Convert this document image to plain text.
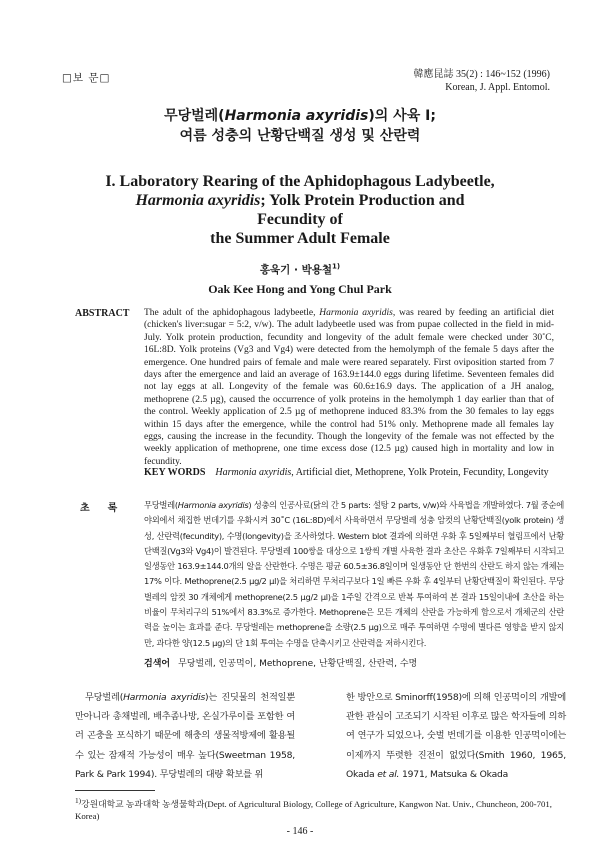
□보 문□	韓應昆誌 35(2) : 146~152 (1996)
Korean, J. Appl. Entomol.
무당벌레(Harmonia axyridis)의 사육 I;
여름 성충의 난황단백질 생성 및 산란력
I. Laboratory Rearing of the Aphidophagous Ladybeetle,
Harmonia axyridis; Yolk Protein Production and Fecundity of
the Summer Adult Female
홍욱기 · 박용철$^{1)}$
Oak Kee Hong and Yong Chul Park
ABSTRACT The adult of the aphidophagous ladybeetle, Harmonia axyridis, was reared by feeding an artificial diet (chicken's liver:sugar = 5:2, v/w). The adult ladybeetle used was from pupae collected in the field in mid-July. Yolk protein production, fecundity and longevity of the adult female were checked under 30˚C, 16L:8D. Yolk proteins (Vg3 and Vg4) were detected from the hemolymph of the female 5 days after the emergence. One hundred pairs of female and male were reared separately. First oviposition started from 7 days after the emergence and laid an average of 163.9±144.0 eggs during lifetime. Seventeen females did not lay eggs at all. Longevity of the female was 60.6±16.9 days. The application of a JH analog, methoprene (2.5 µg), caused the occurrence of yolk proteins in the hemolymph 1 day earlier than that of the control. Weekly application of 2.5 µg of methoprene induced 83.3% from the 30 females to lay eggs within 15 days after the emergence, while the control had 51% only. Methoprene made all females lay eggs, causing the increase in the fecundity. Though the longevity of the female was not effected by the weekly application of methoprene, one time excess dose (12.5 µg) caused high in mortality and low in fecundity.
KEY WORDS Harmonia axyridis, Artificial diet, Methoprene, Yolk Protein, Fecundity, Longevity
초록 무당벌레(Harmonia axyridis) 성충의 인공사료(닭의 간 5 parts: 설탕 2 parts, v/w)와 사육법을 개발하였다. 7월 중순에 야외에서 채집한 번데기를 우화시켜 30˚C (16L:8D)에서 사육하면서 무당벌레 성충 암컷의 난황단백질(yolk protein) 생성, 산란력(fecundity), 수명(longevity)을 조사하였다. Western blot 결과에 의하면 우화 후 5일째부터 혈림프에서 난황단백질(Vg3와 Vg4)이 발견된다. 무당벌레 100쌍을 대상으로 1쌍씩 개별 사육한 결과 초산은 우화후 7일째부터 시작되고 일생동안 163.9±144.0개의 알을 산란한다. 수명은 평균 60.5±36.8일이며 일생동안 단 한번의 산란도 하지 않는 개체는 17% 이다. Methoprene(2.5 µg/2 µl)을 처리하면 무처리구보다 1일 빠른 우화 후 4일부터 난황단백질이 확인된다. 무당벌레의 암컷 30 개체에게 methoprene(2.5 µg/2 µl)을 1주일 간격으로 반복 투여하여 본 결과 15일이내에 초산을 하는 비율이 무처리구의 51%에서 83.3%로 증가한다. Methoprene은 모든 개체의 산란을 가능하게 함으로서 개체군의 산란력을 높이는 효과를 준다. 무당벌레는 methoprene을 소량(2.5 µg)으로 매주 투여하면 수명에 별다른 영향을 받지 않지만, 과다한 양(12.5 µg)의 단 1회 투여는 수명을 단축시키고 산란력을 저하시킨다.
검색어 무당벌레, 인공먹이, Methoprene, 난황단백질, 산란력, 수명
무당벌레(Harmonia axyridis)는 진딧물의 천적일뿐 만아니라 총채벌레, 배추좀나방, 온실가루이를 포함한 여러 곤충을 포식하기 때문에 해충의 생물적방제에 활용될수 있는 잠재적 가능성이 매우 높다(Sweetman 1958, Park & Park 1994). 무당벌레의 대량 확보를 위
한 방안으로 Sminorff(1958)에 의해 인공먹이의 개발에 관한 관심이 고조되기 시작된 이후로 많은 학자들에 의하여 연구가 되었으나, 숫벌 번데기를 이용한 인공먹이에는 이제까지 뚜렷한 진전이 없었다(Smith 1960, 1965, Okada et al. 1971, Matsuka & Okada
$^{1)}$강원대학교 농과대학 농생물학과(Dept. of Agricultural Biology, College of Agriculture, Kangwon Nat. Univ., Chuncheon, 200-701, Korea)
- 146 -
